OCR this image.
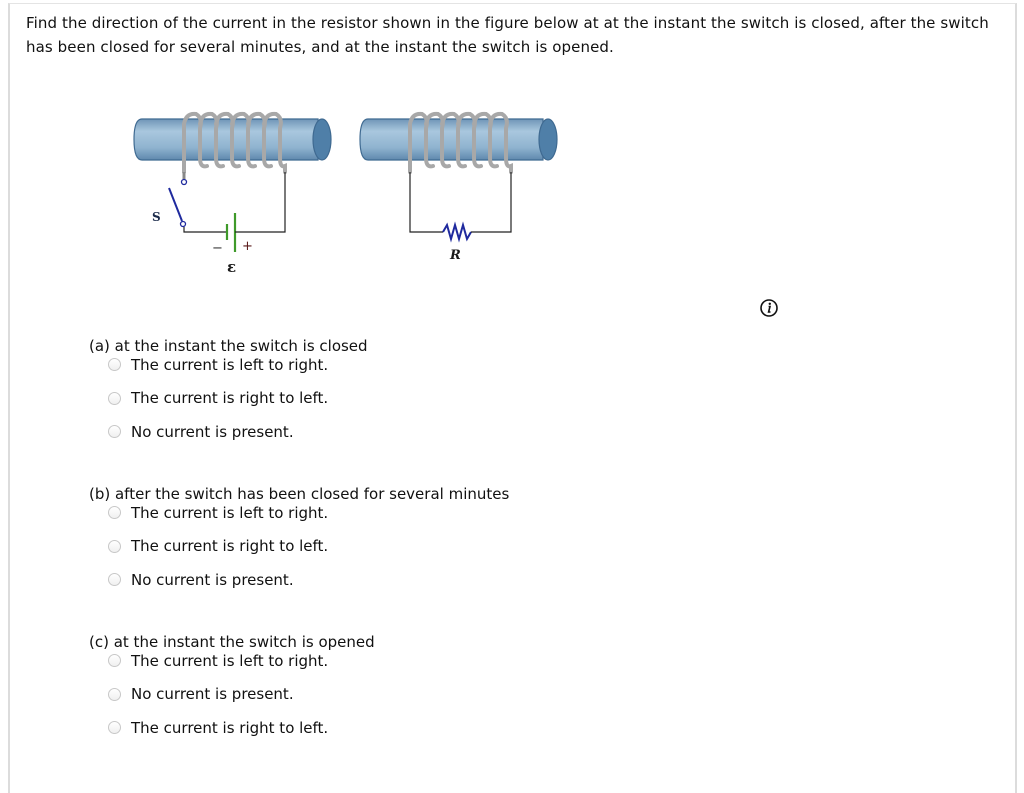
Find the direction of the current in the resistor shown in the figure below at at the instant the switch is closed, after the switch has been closed for several minutes, and at the instant the switch is opened.
S
− +
ε
R
(a) at the instant the switch is closed
The current is left to right.
The current is right to left.
No current is present.
(b) after the switch has been closed for several minutes
The current is left to right.
The current is right to left.
No current is present.
(c) at the instant the switch is opened
The current is left to right.
No current is present.
The current is right to left.
